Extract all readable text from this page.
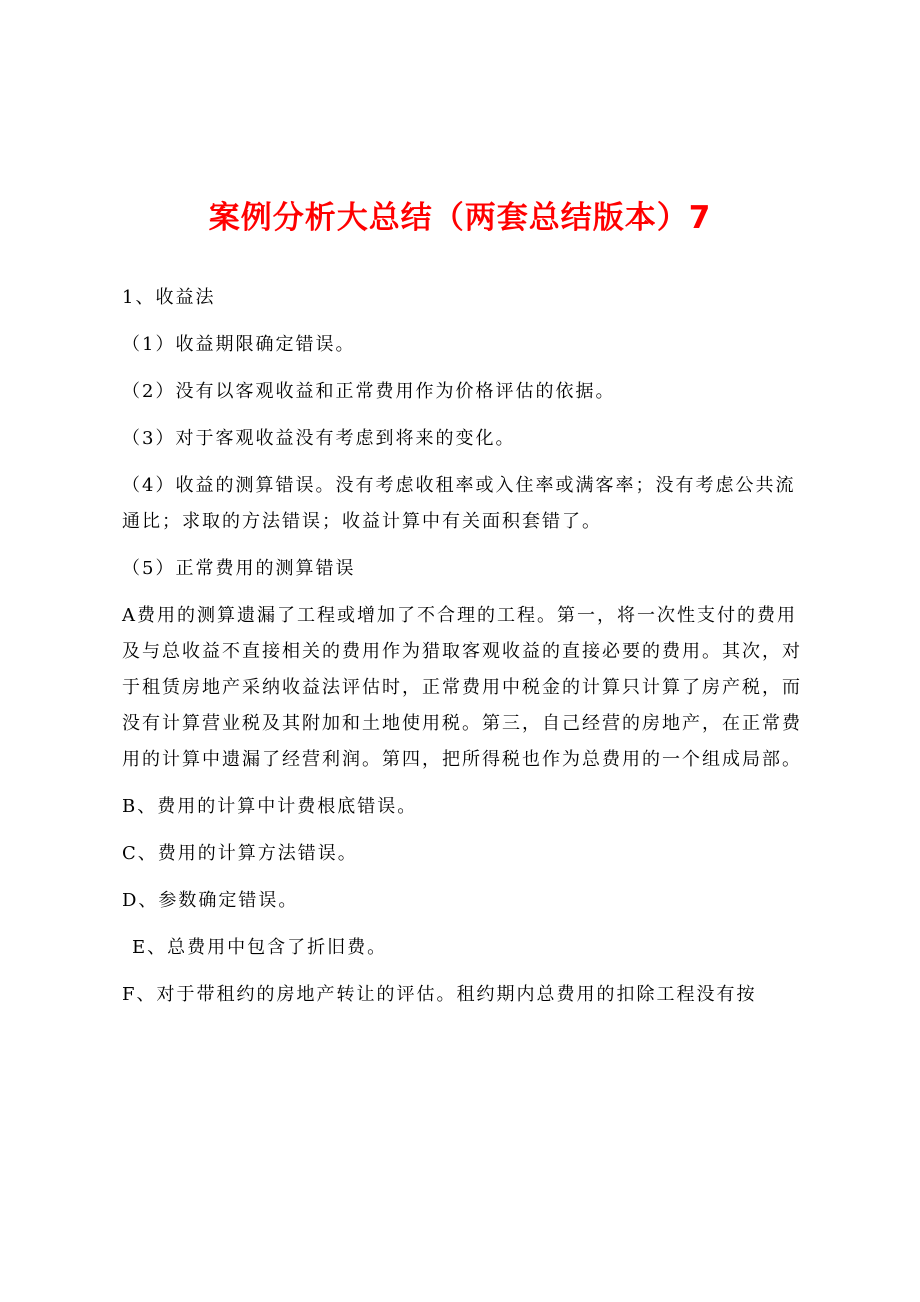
案例分析大总结（两套总结版本）7

1、收益法

（1）收益期限确定错误。

（2）没有以客观收益和正常费用作为价格评估的依据。

（3）对于客观收益没有考虑到将来的变化。

（4）收益的测算错误。没有考虑收租率或入住率或满客率；没有考虑公共流通比；求取的方法错误；收益计算中有关面积套错了。

（5）正常费用的测算错误

A费用的测算遗漏了工程或增加了不合理的工程。第一，将一次性支付的费用及与总收益不直接相关的费用作为猎取客观收益的直接必要的费用。其次，对于租赁房地产采纳收益法评估时，正常费用中税金的计算只计算了房产税，而没有计算营业税及其附加和土地使用税。第三，自己经营的房地产，在正常费用的计算中遗漏了经营利润。第四，把所得税也作为总费用的一个组成局部。

B、费用的计算中计费根底错误。

C、费用的计算方法错误。

D、参数确定错误。

E、总费用中包含了折旧费。

F、对于带租约的房地产转让的评估。租约期内总费用的扣除工程没有按
